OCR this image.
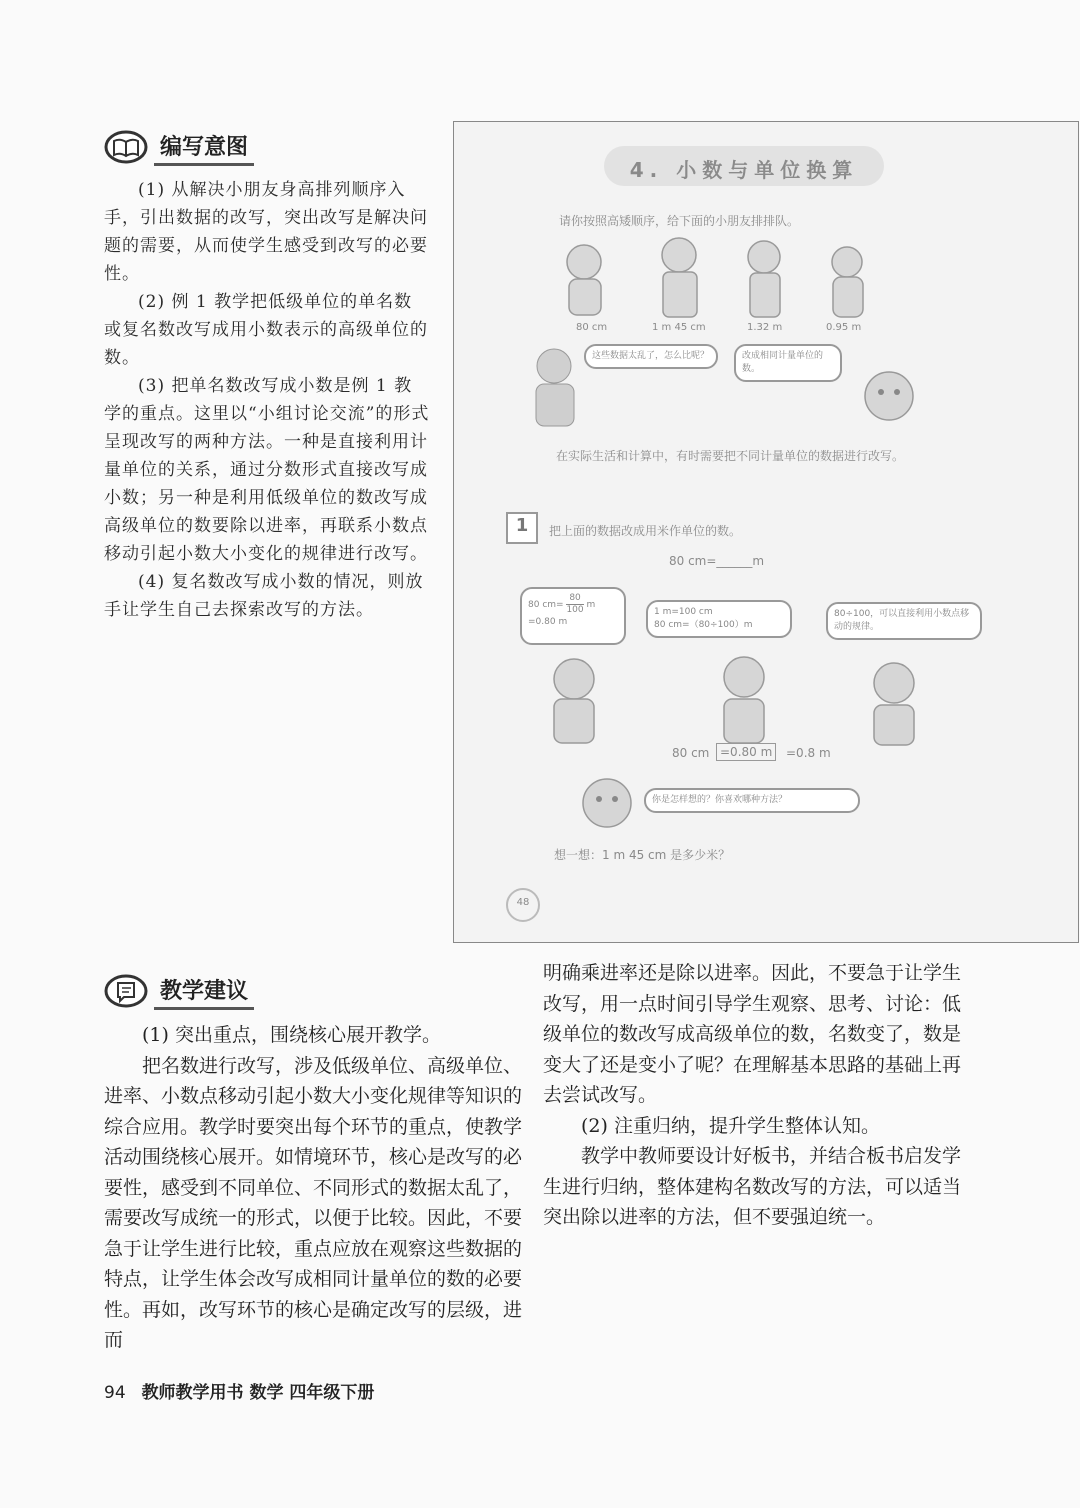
编写意图

(1) 从解决小朋友身高排列顺序入手，引出数据的改写，突出改写是解决问题的需要，从而使学生感受到改写的必要性。

(2) 例 1 教学把低级单位的单名数或复名数改写成用小数表示的高级单位的数。

(3) 把单名数改写成小数是例 1 教学的重点。这里以“小组讨论交流”的形式呈现改写的两种方法。一种是直接利用计量单位的关系，通过分数形式直接改写成小数；另一种是利用低级单位的数改写成高级单位的数要除以进率，再联系小数点移动引起小数大小变化的规律进行改写。

(4) 复名数改写成小数的情况，则放手让学生自己去探索改写的方法。

4. 小数与单位换算
请你按照高矮顺序，给下面的小朋友排排队。
80 cm	1 m 45 cm	1.32 m	0.95 m
这些数据太乱了，怎么比呢？	改成相同计量单位的数。
在实际生活和计算中，有时需要把不同计量单位的数据进行改写。
1	把上面的数据改成用米作单位的数。
80 cm=______m
80 $cm= \frac{80}{100}$ m
=0.80 m
1 m=100 cm
80 cm=（80÷100）m
80÷100，可以直接利用小数点移动的规律。
80 cm =0.80 m	=0.8 m
你是怎样想的？你喜欢哪种方法？
想一想：1 m 45 cm 是多少米？
48
教学建议

(1) 突出重点，围绕核心展开教学。

把名数进行改写，涉及低级单位、高级单位、进率、小数点移动引起小数大小变化规律等知识的综合应用。教学时要突出每个环节的重点，使教学活动围绕核心展开。如情境环节，核心是改写的必要性，感受到不同单位、不同形式的数据太乱了，需要改写成统一的形式，以便于比较。因此，不要急于让学生进行比较，重点应放在观察这些数据的特点，让学生体会改写成相同计量单位的数的必要性。再如，改写环节的核心是确定改写的层级，进而

明确乘进率还是除以进率。因此，不要急于让学生改写，用一点时间引导学生观察、思考、讨论：低级单位的数改写成高级单位的数，名数变了，数是变大了还是变小了呢？在理解基本思路的基础上再去尝试改写。

(2) 注重归纳，提升学生整体认知。

教学中教师要设计好板书，并结合板书启发学生进行归纳，整体建构名数改写的方法，可以适当突出除以进率的方法，但不要强迫统一。

94 教师教学用书 数学 四年级下册
